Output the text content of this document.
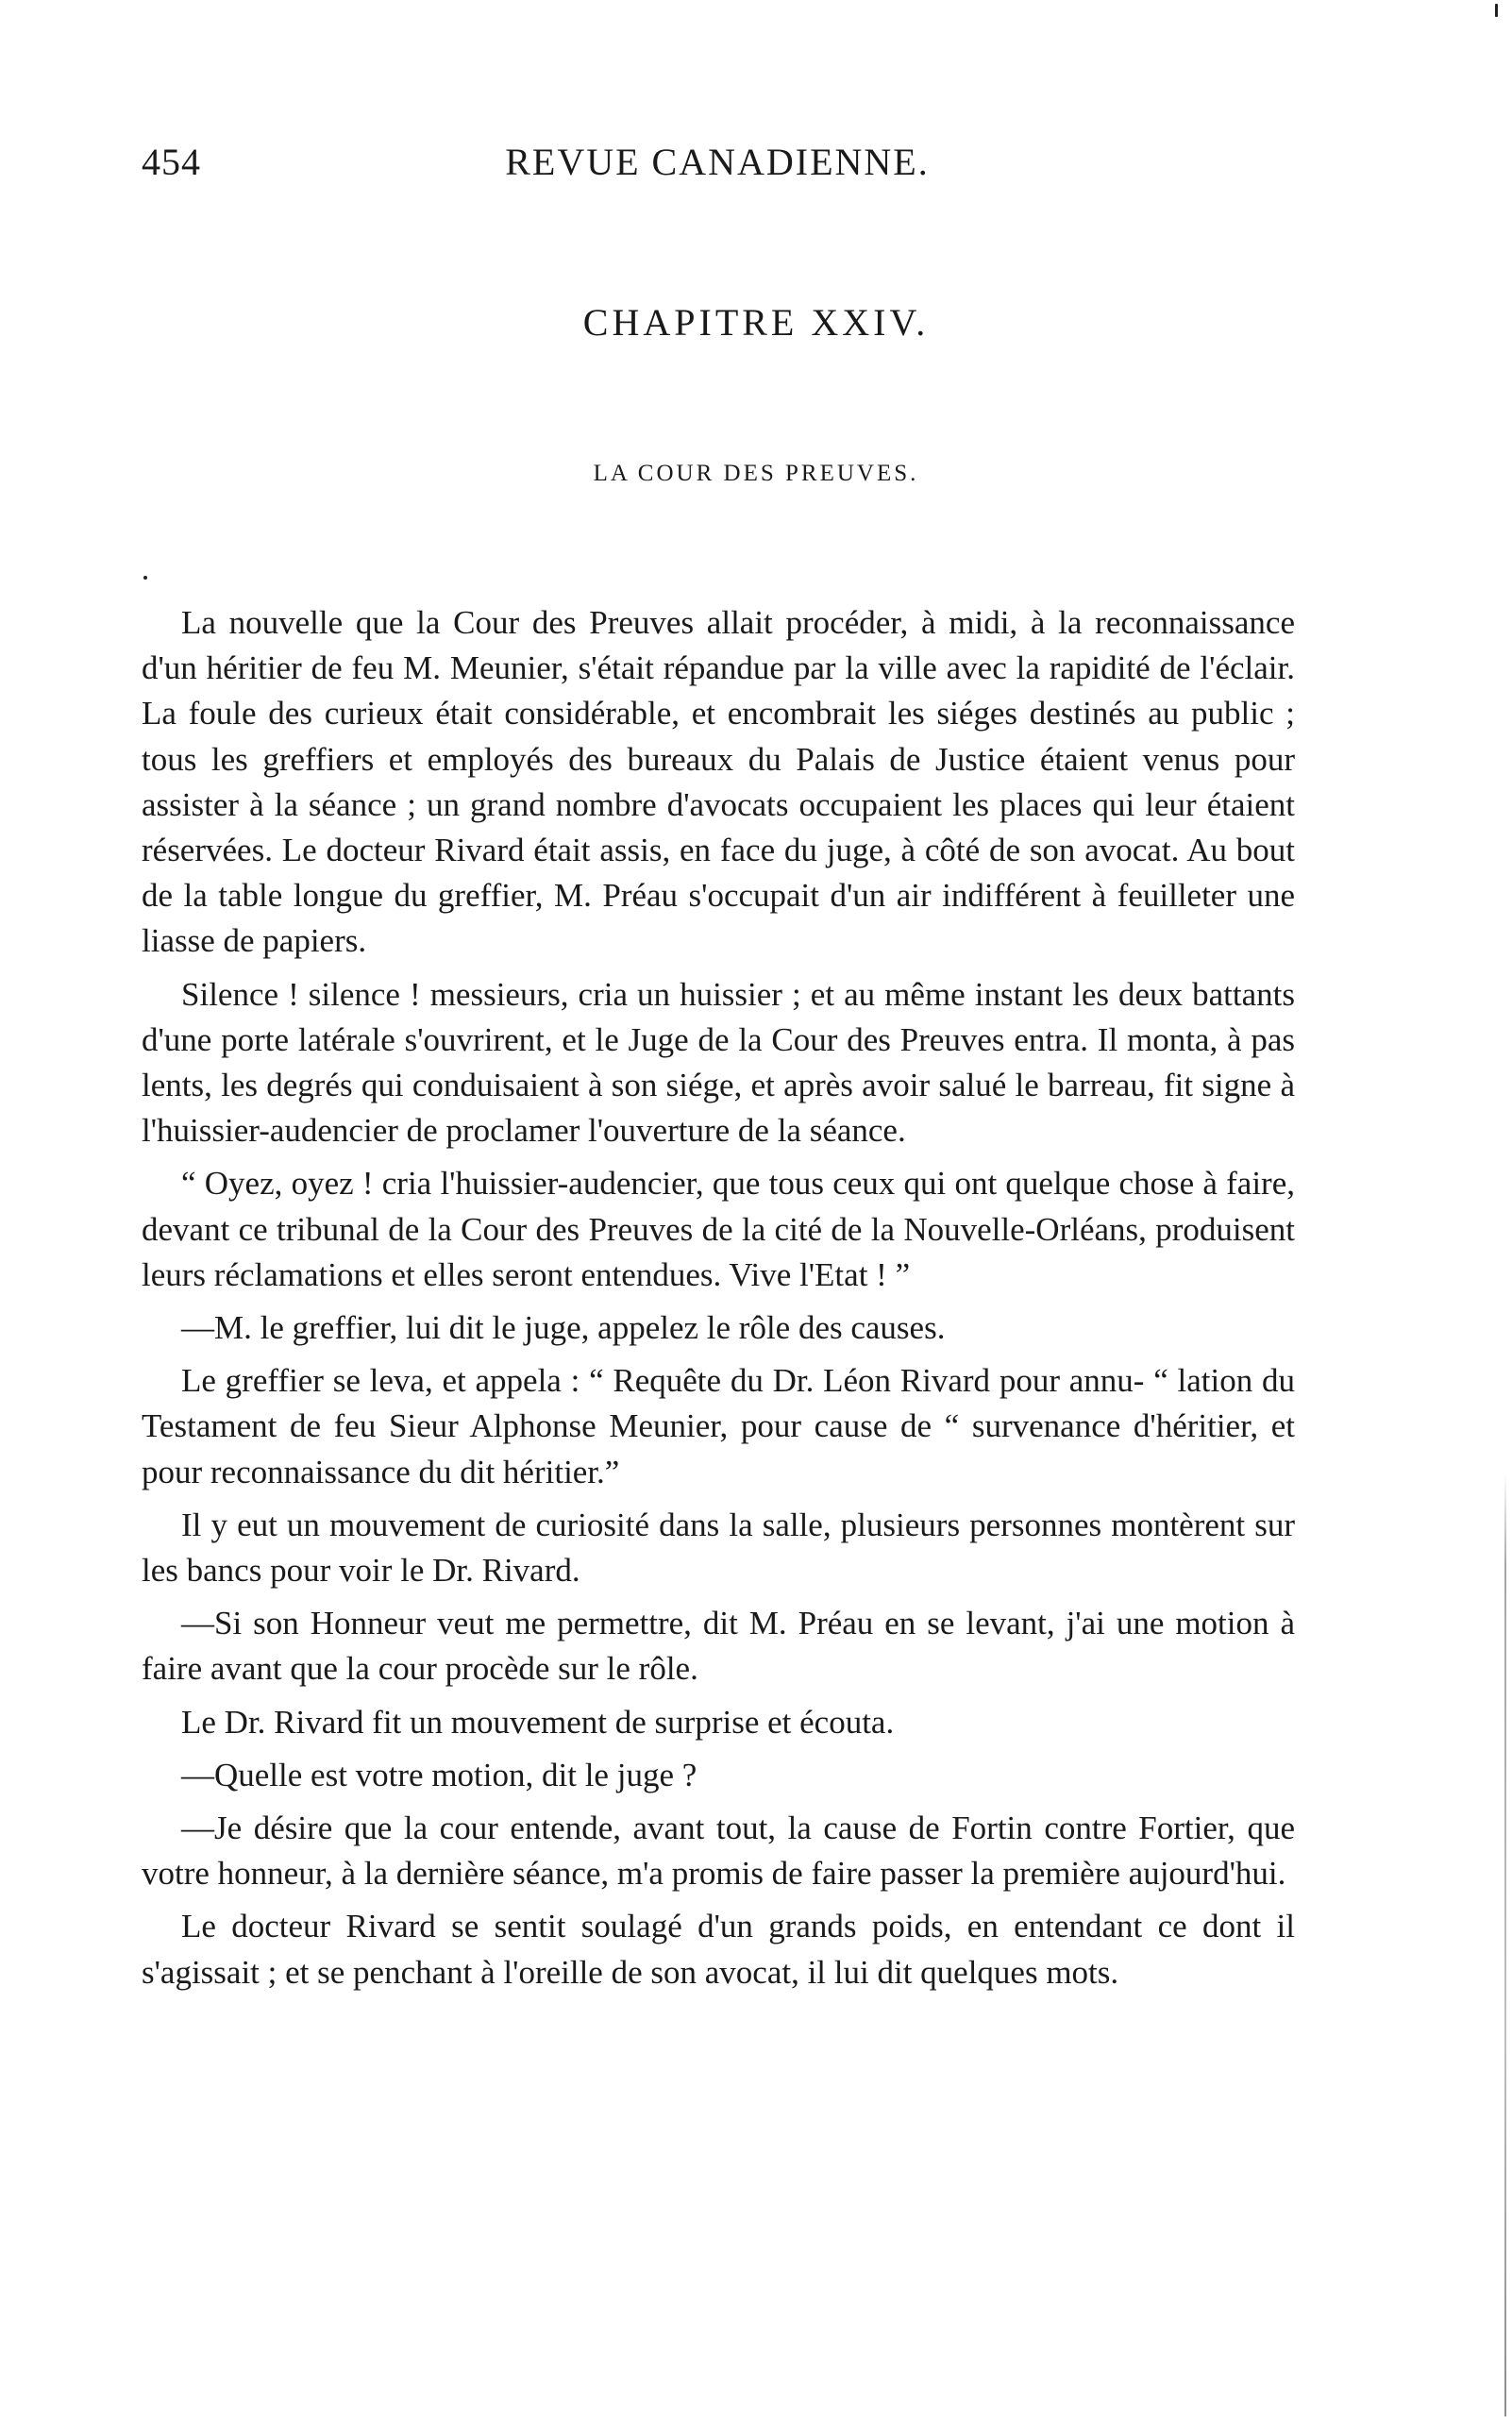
454	REVUE CANADIENNE.
CHAPITRE XXIV.
LA COUR DES PREUVES.

La nouvelle que la Cour des Preuves allait procéder, à midi, à la reconnaissance d'un héritier de feu M. Meunier, s'était répandue par la ville avec la rapidité de l'éclair. La foule des curieux était considérable, et encombrait les siéges destinés au public ; tous les greffiers et employés des bureaux du Palais de Justice étaient venus pour assister à la séance ; un grand nombre d'avocats occupaient les places qui leur étaient réservées. Le docteur Rivard était assis, en face du juge, à côté de son avocat. Au bout de la table longue du greffier, M. Préau s'occupait d'un air indifférent à feuilleter une liasse de papiers.

Silence ! silence ! messieurs, cria un huissier ; et au même instant les deux battants d'une porte latérale s'ouvrirent, et le Juge de la Cour des Preuves entra. Il monta, à pas lents, les degrés qui conduisaient à son siége, et après avoir salué le barreau, fit signe à l'huissier-audencier de proclamer l'ouverture de la séance.

“ Oyez, oyez ! cria l'huissier-audencier, que tous ceux qui ont quelque chose à faire, devant ce tribunal de la Cour des Preuves de la cité de la Nouvelle-Orléans, produisent leurs réclamations et elles seront entendues. Vive l'Etat ! ”

—M. le greffier, lui dit le juge, appelez le rôle des causes.

Le greffier se leva, et appela : “ Requête du Dr. Léon Rivard pour annu- “ lation du Testament de feu Sieur Alphonse Meunier, pour cause de “ survenance d'héritier, et pour reconnaissance du dit héritier.”

Il y eut un mouvement de curiosité dans la salle, plusieurs personnes montèrent sur les bancs pour voir le Dr. Rivard.

—Si son Honneur veut me permettre, dit M. Préau en se levant, j'ai une motion à faire avant que la cour procède sur le rôle.

Le Dr. Rivard fit un mouvement de surprise et écouta.

—Quelle est votre motion, dit le juge ?

—Je désire que la cour entende, avant tout, la cause de Fortin contre Fortier, que votre honneur, à la dernière séance, m'a promis de faire passer la première aujourd'hui.

Le docteur Rivard se sentit soulagé d'un grands poids, en entendant ce dont il s'agissait ; et se penchant à l'oreille de son avocat, il lui dit quelques mots.
